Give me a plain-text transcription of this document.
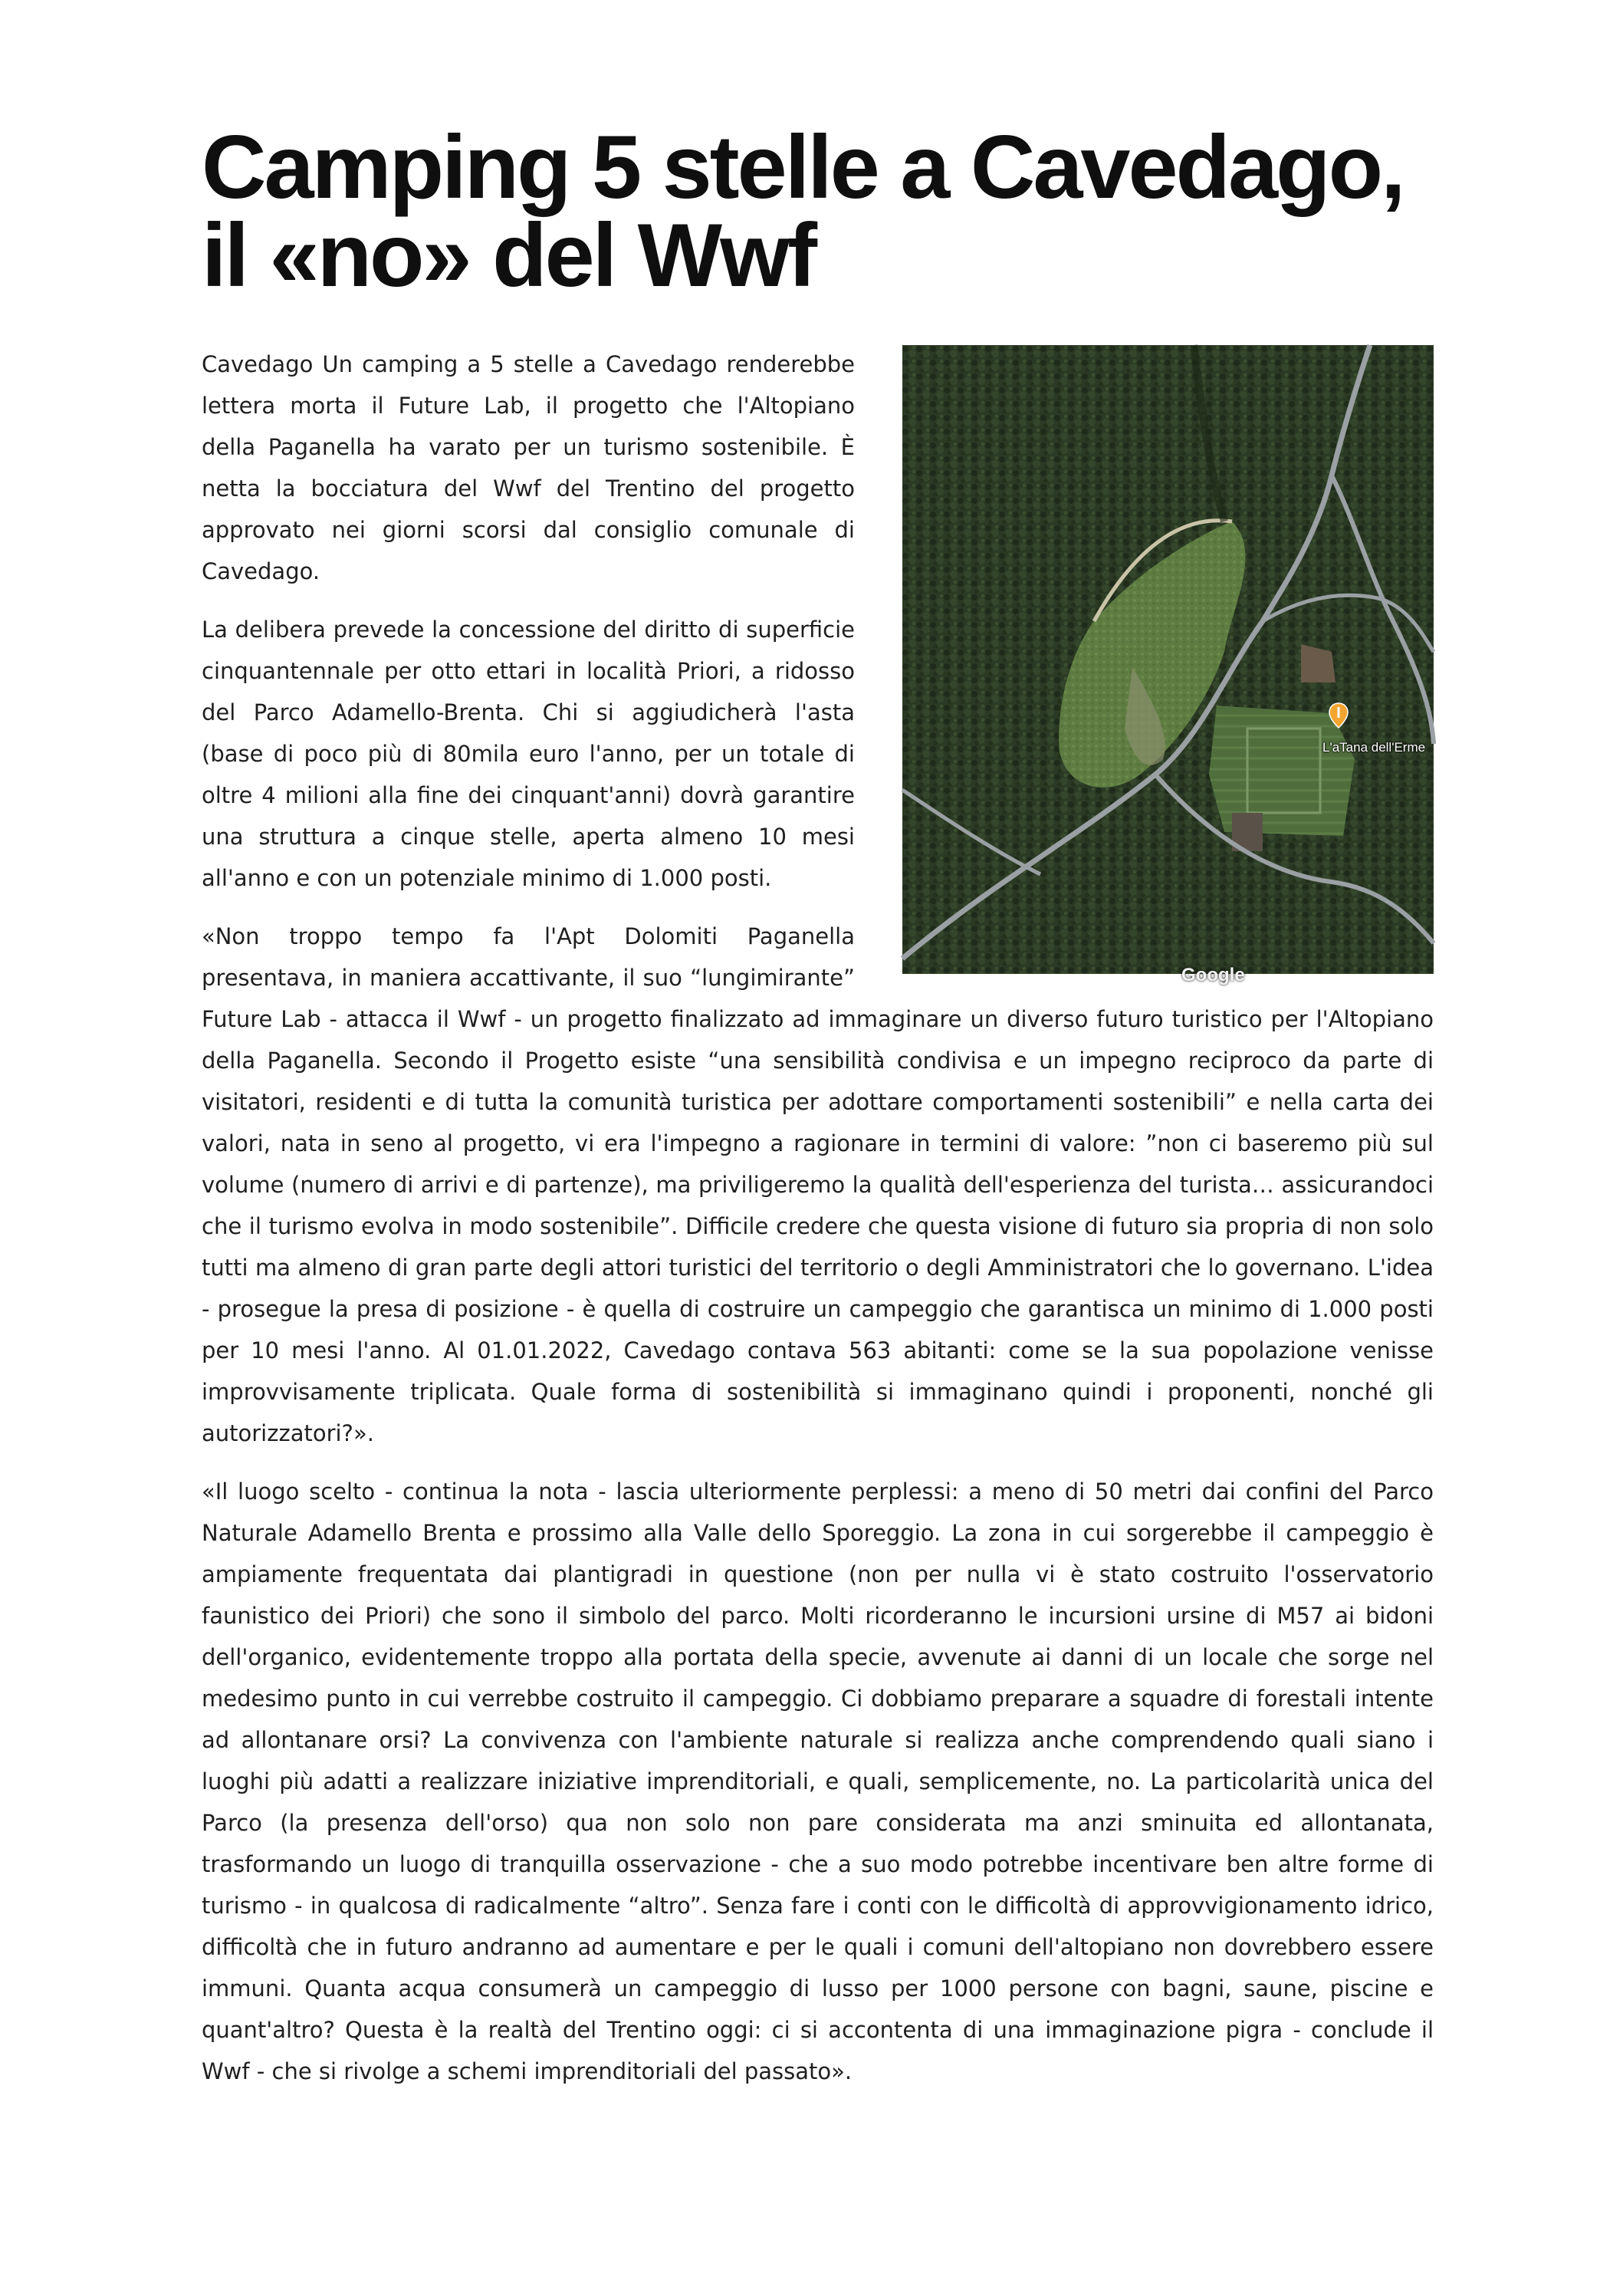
Camping 5 stelle a Cavedago,
il «no» del Wwf
L'aTana dell'Erme
Google

Cavedago Un camping a 5 stelle a Cavedago renderebbe lettera morta il Future Lab, il progetto che l'Altopiano della Paganella ha varato per un turismo sostenibile. È netta la bocciatura del Wwf del Trentino del progetto approvato nei giorni scorsi dal consiglio comunale di Cavedago.

La delibera prevede la concessione del diritto di superficie cinquantennale per otto ettari in località Priori, a ridosso del Parco Adamello-Brenta. Chi si aggiudicherà l'asta (base di poco più di 80mila euro l'anno, per un totale di oltre 4 milioni alla fine dei cinquant'anni) dovrà garantire una struttura a cinque stelle, aperta almeno 10 mesi all'anno e con un potenziale minimo di 1.000 posti.

«Non troppo tempo fa l'Apt Dolomiti Paganella presentava, in maniera accattivante, il suo “lungimirante” Future Lab - attacca il Wwf - un progetto finalizzato ad immaginare un diverso futuro turistico per l'Altopiano della Paganella. Secondo il Progetto esiste “una sensibilità condivisa e un impegno reciproco da parte di visitatori, residenti e di tutta la comunità turistica per adottare comportamenti sostenibili” e nella carta dei valori, nata in seno al progetto, vi era l'impegno a ragionare in termini di valore: ”non ci baseremo più sul volume (numero di arrivi e di partenze), ma priviligeremo la qualità dell'esperienza del turista… assicurandoci che il turismo evolva in modo sostenibile”. Difficile credere che questa visione di futuro sia propria di non solo tutti ma almeno di gran parte degli attori turistici del territorio o degli Amministratori che lo governano. L'idea - prosegue la presa di posizione - è quella di costruire un campeggio che garantisca un minimo di 1.000 posti per 10 mesi l'anno. Al 01.01.2022, Cavedago contava 563 abitanti: come se la sua popolazione venisse improvvisamente triplicata. Quale forma di sostenibilità si immaginano quindi i proponenti, nonché gli autorizzatori?».

«Il luogo scelto - continua la nota - lascia ulteriormente perplessi: a meno di 50 metri dai confini del Parco Naturale Adamello Brenta e prossimo alla Valle dello Sporeggio. La zona in cui sorgerebbe il campeggio è ampiamente frequentata dai plantigradi in questione (non per nulla vi è stato costruito l'osservatorio faunistico dei Priori) che sono il simbolo del parco. Molti ricorderanno le incursioni ursine di M57 ai bidoni dell'organico, evidentemente troppo alla portata della specie, avvenute ai danni di un locale che sorge nel medesimo punto in cui verrebbe costruito il campeggio. Ci dobbiamo preparare a squadre di forestali intente ad allontanare orsi? La convivenza con l'ambiente naturale si realizza anche comprendendo quali siano i luoghi più adatti a realizzare iniziative imprenditoriali, e quali, semplicemente, no. La particolarità unica del Parco (la presenza dell'orso) qua non solo non pare considerata ma anzi sminuita ed allontanata, trasformando un luogo di tranquilla osservazione - che a suo modo potrebbe incentivare ben altre forme di turismo - in qualcosa di radicalmente “altro”. Senza fare i conti con le difficoltà di approvvigionamento idrico, difficoltà che in futuro andranno ad aumentare e per le quali i comuni dell'altopiano non dovrebbero essere immuni. Quanta acqua consumerà un campeggio di lusso per 1000 persone con bagni, saune, piscine e quant'altro? Questa è la realtà del Trentino oggi: ci si accontenta di una immaginazione pigra - conclude il Wwf - che si rivolge a schemi imprenditoriali del passato».
